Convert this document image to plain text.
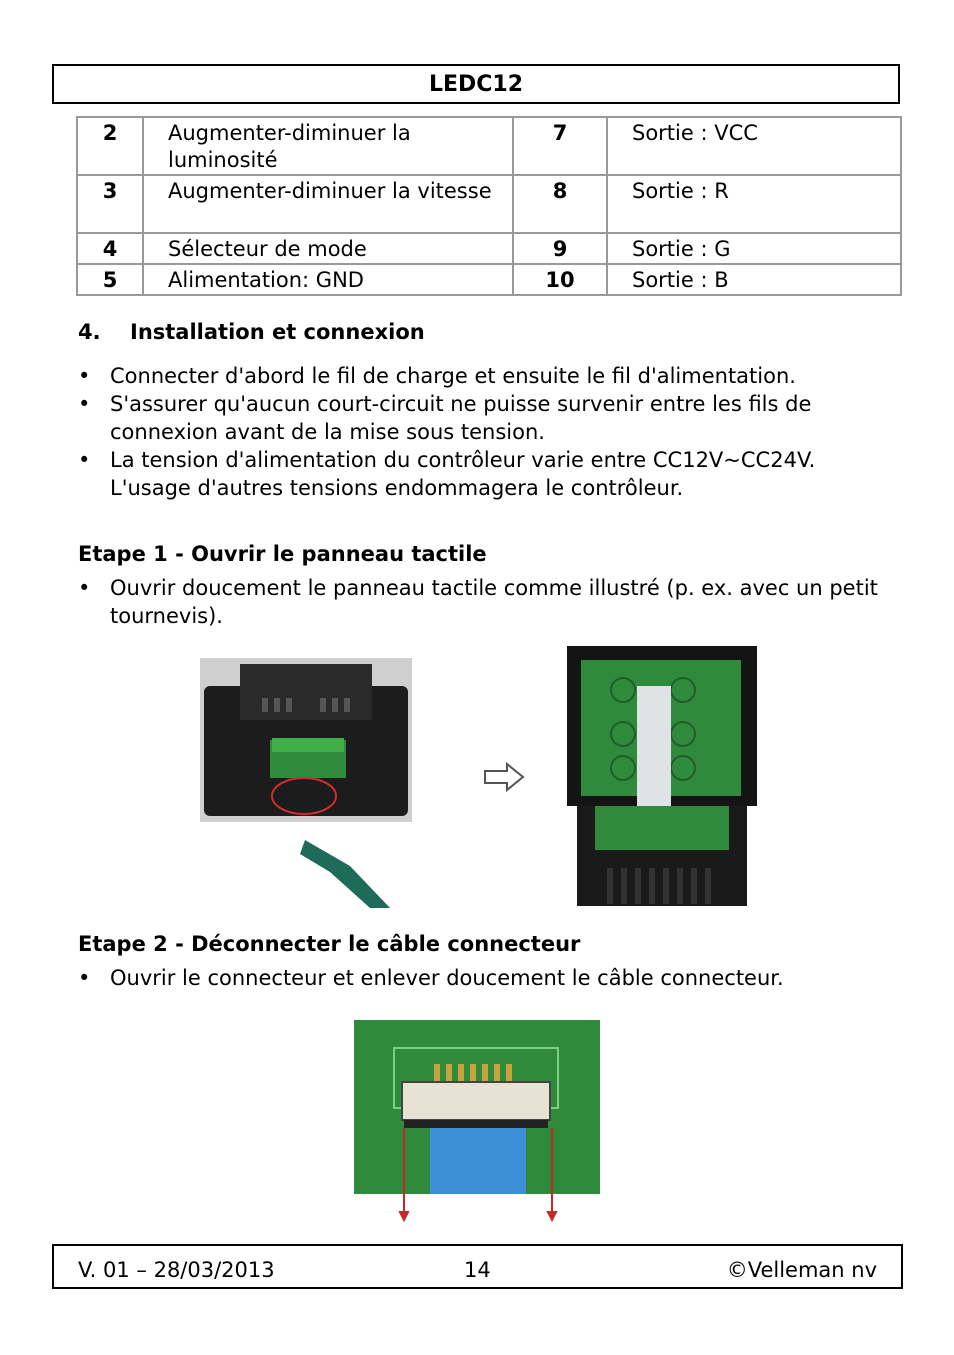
LEDC12
2	Augmenter-diminuer la luminosité	7	Sortie : VCC
3	Augmenter-diminuer la vitesse	8	Sortie : R
4	Sélecteur de mode	9	Sortie : G
5	Alimentation: GND	10	Sortie : B
4. Installation et connexion
• Connecter d'abord le fil de charge et ensuite le fil d'alimentation.
• S'assurer qu'aucun court-circuit ne puisse survenir entre les fils de connexion avant de la mise sous tension.
• La tension d'alimentation du contrôleur varie entre CC12V~CC24V. L'usage d'autres tensions endommagera le contrôleur.
Etape 1 - Ouvrir le panneau tactile
• Ouvrir doucement le panneau tactile comme illustré (p. ex. avec un petit tournevis).
Etape 2 - Déconnecter le câble connecteur
• Ouvrir le connecteur et enlever doucement le câble connecteur.
V. 01 – 28/03/2013	14	©Velleman nv
